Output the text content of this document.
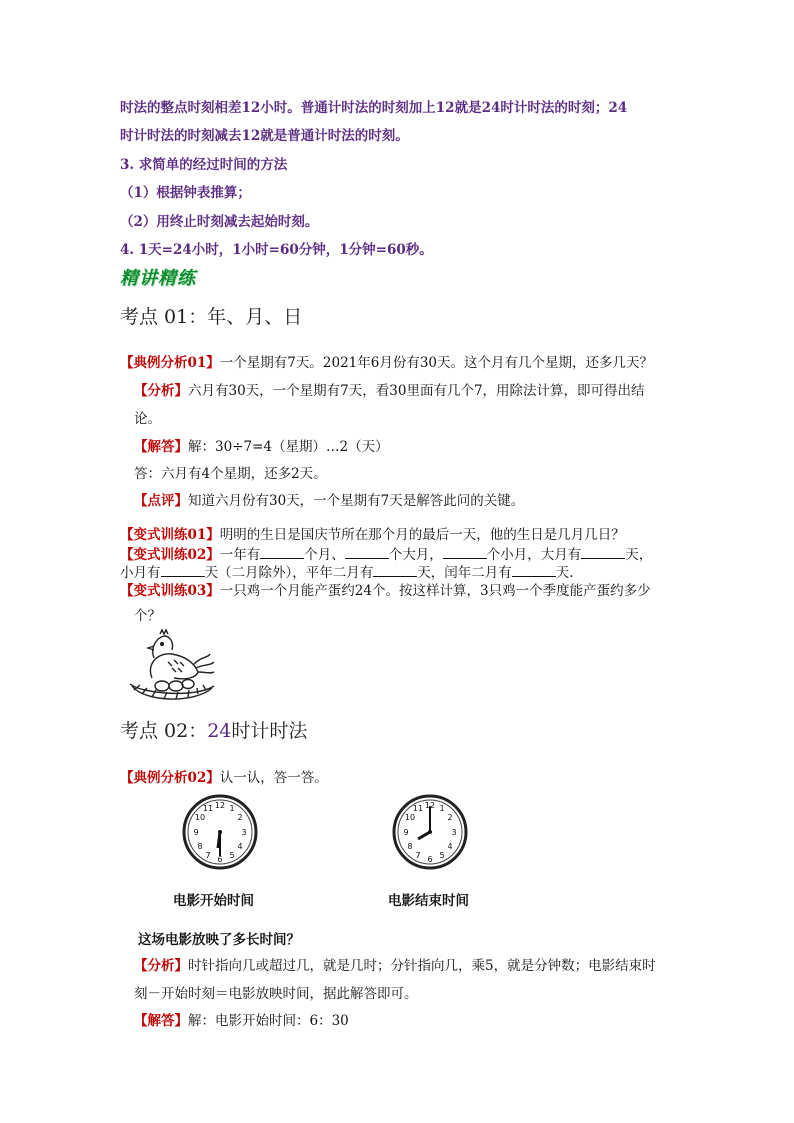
时法的整点时刻相差12小时。普通计时法的时刻加上12就是24时计时法的时刻；24
时计时法的时刻减去12就是普通计时法的时刻。
3. 求简单的经过时间的方法
（1）根据钟表推算；
（2）用终止时刻减去起始时刻。
4. 1天=24小时，1小时=60分钟，1分钟=60秒。
精讲精练
考点 01：年、月、日
【典例分析01】一个星期有7天。2021年6月份有30天。这个月有几个星期，还多几天？
【分析】六月有30天，一个星期有7天，看30里面有几个7，用除法计算，即可得出结
论。
【解答】解：30÷7=4（星期）…2（天）
答：六月有4个星期，还多2天。
【点评】知道六月份有30天，一个星期有7天是解答此问的关键。
【变式训练01】明明的生日是国庆节所在那个月的最后一天，他的生日是几月几日？
【变式训练02】一年有	个月、	个大月，	个小月，大月有	天，
小月有	天（二月除外），平年二月有	天，闰年二月有	天.
【变式训练03】一只鸡一个月能产蛋约24个。按这样计算，3只鸡一个季度能产蛋约多少
个？
考点 02：24时计时法
【典例分析02】认一认，答一答。
12 1
2
3
4
5
6
7
8
9
10
11
电影开始时间
12 1
2
3
4
5
6
7
8
9
10
11
电影结束时间
这场电影放映了多长时间？
【分析】时针指向几或超过几，就是几时；分针指向几，乘5，就是分钟数；电影结束时
刻－开始时刻＝电影放映时间，据此解答即可。
【解答】解：电影开始时间：6：30
